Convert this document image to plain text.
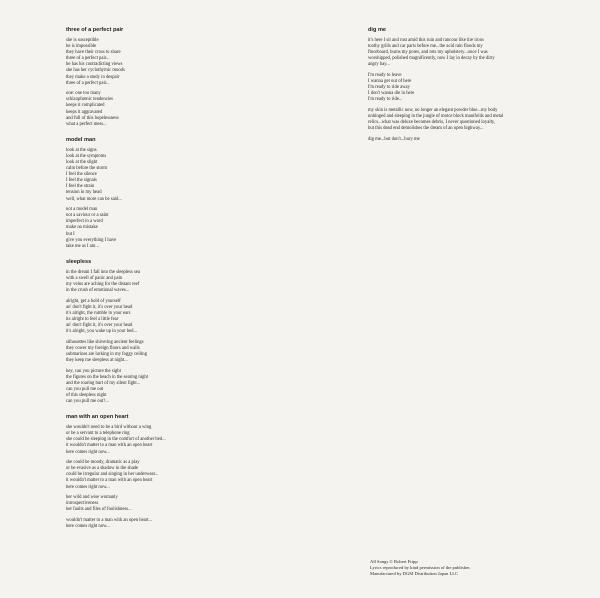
three of a perfect pair
she is susceptible
he is impossible
they have their cross to share
three of a perfect pair...
he has his contradicting views
she has her cyclothymic moods
they make a study in despair
three of a perfect pair...
one: one too many
schizophrenic tendencies
keeps it complicated
keeps it aggravated
and full of this hopelessness
what a perfect mess...
model man
look at the signs
look at the symptoms
look at the slight
calm before the storm
I feel the silence
I feel the signals
I feel the strain
tension in my head
well, what more can be said...
not a model man
not a saviour or a saint
imperfect in a word
make no mistake
but I
give you everything I have
take me as I am...
sleepless
in the dream I fall into the sleepless sea
with a swell of panic and pain
my veins are aching for the distant reef
in the crush of emotional waves...
alright, get a hold of yourself
an' don't fight it, it's over your head
it's alright, the rumble in your ears
its alright to feel a little fear
an' don't fight it, it's over your head
it's alright, you wake up in your bed...
silhouettes like shivering ancient feelings
they cower my foreign floors and walls
submarines are lurking in my foggy ceiling
they keep me sleepless at night...
hey, can you picture the sight
the figures on the beach in the searing night
and the roaring hurt of my silent fight...
can you pull me out
of this sleepless night
can you pull me out?...
man with an open heart
she wouldn't need to be a bird without a wing
or be a servant to a telephone ring
she could be sleeping in the comfort of another bed...
it wouldn't matter to a man with an open heart
here comes right now...
she could be moody, dramatic as a play
or be evasive as a shadow in the shade
could be irregular and singing in her underwear...
it wouldn't matter to a man with an open heart
here comes right now...
her wild and wise womanly
introspectiveness
her faults and files of foolishness...
wouldn't matter to a man with an open heart...
here comes right now...
dig me
it's here I sit and rust amid this ruin and rancour like tire irons
toothy grills and car parts before me...the acid rain floods my
floorboard, burns my pores, and rots my upholstery...once I was
worshipped, polished magnificently, now I lay in decay by the dirty
angry bay...
I'm ready to leave
I wanna get out of here
I'm ready to ride away
I don't wanna die in here
I'm ready to ride...
my skin is metallic now, no longer an elegant powder blue...my body
unhinged and sleeping in the jungle of motor block manifolds and metal
relics...what was deluxe becomes debris, I never questioned loyalty,
but this dead end demolishes the dream of an open highway...
dig me...but don't...bury me
All Songs © Robert Fripp
Lyrics reproduced by kind permission of the publisher.
Manufactured by DGM Distribution Japan LLC
